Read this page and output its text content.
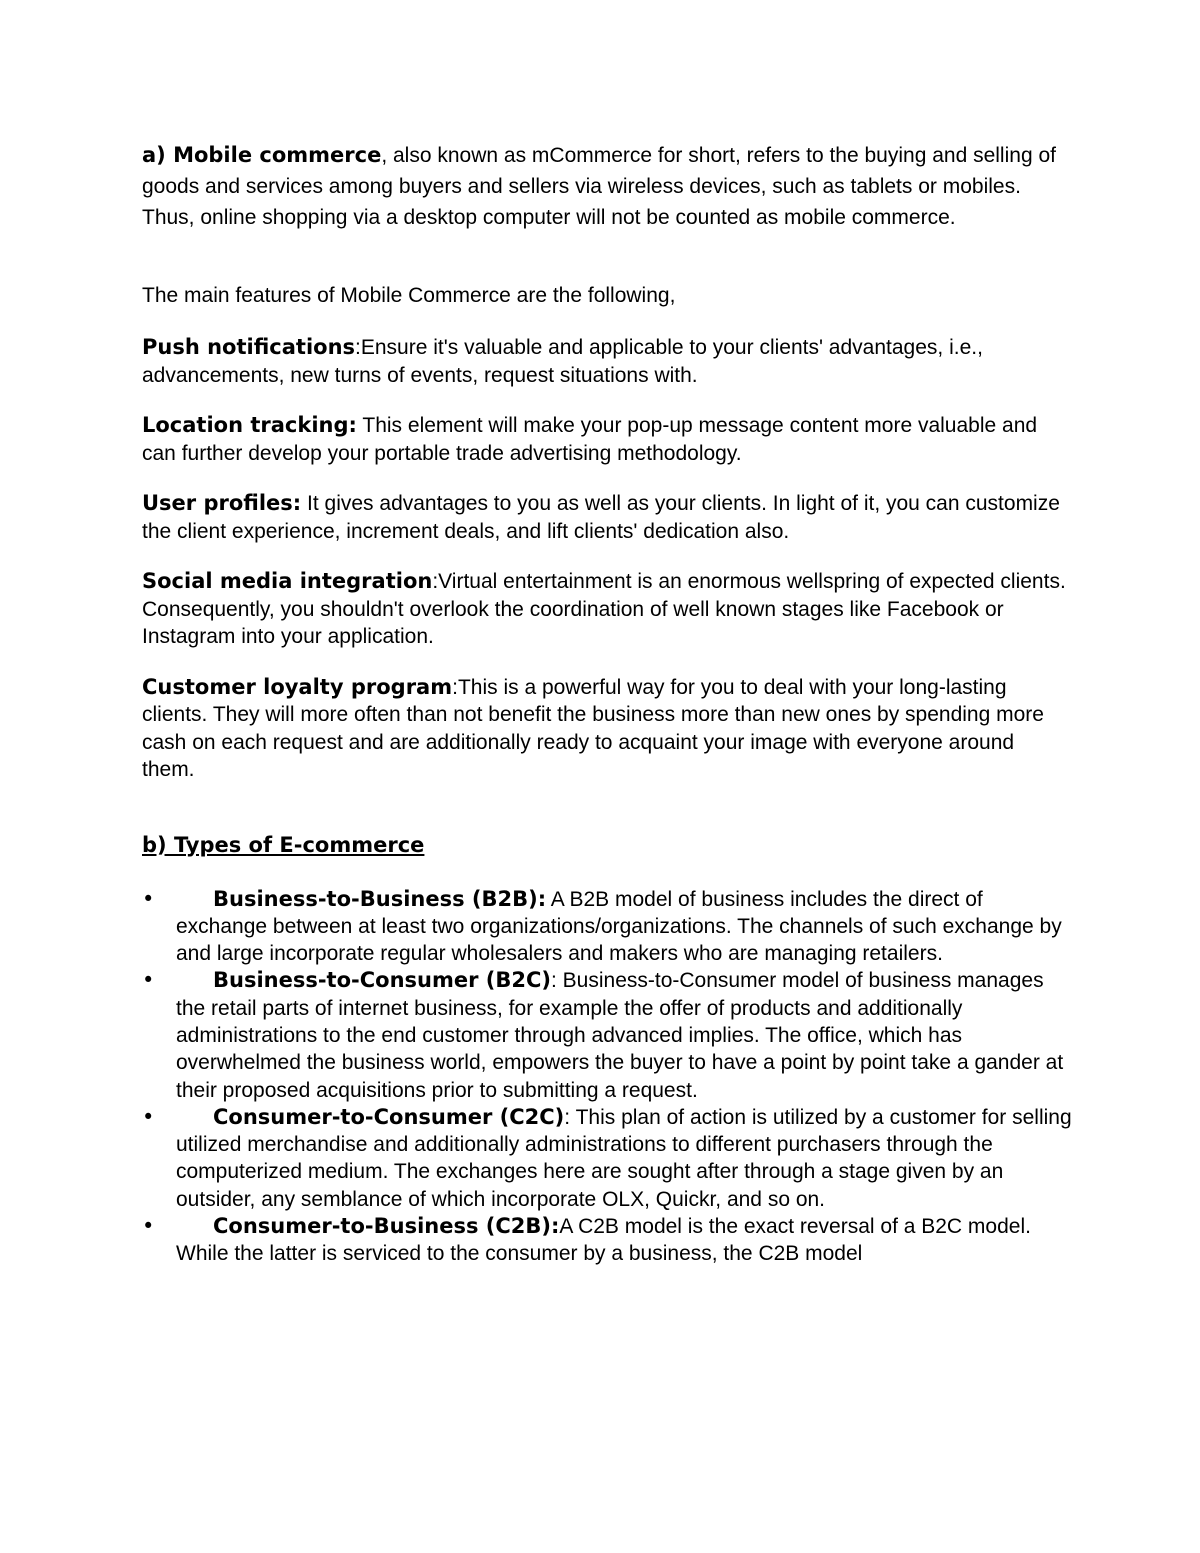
a) Mobile commerce, also known as mCommerce for short, refers to the buying and selling of goods and services among buyers and sellers via wireless devices, such as tablets or mobiles. Thus, online shopping via a desktop computer will not be counted as mobile commerce.

The main features of Mobile Commerce are the following,

Push notifications:Ensure it's valuable and applicable to your clients' advantages, i.e., advancements, new turns of events, request situations with.

Location tracking: This element will make your pop-up message content more valuable and can further develop your portable trade advertising methodology.

User profiles: It gives advantages to you as well as your clients. In light of it, you can customize the client experience, increment deals, and lift clients' dedication also.

Social media integration:Virtual entertainment is an enormous wellspring of expected clients. Consequently, you shouldn't overlook the coordination of well known stages like Facebook or Instagram into your application.

Customer loyalty program:This is a powerful way for you to deal with your long-lasting clients. They will more often than not benefit the business more than new ones by spending more cash on each request and are additionally ready to acquaint your image with everyone around them.

b) Types of E-commerce

•	Business-to-Business (B2B): A B2B model of business includes the direct of exchange between at least two organizations/organizations. The channels of such exchange by and large incorporate regular wholesalers and makers who are managing retailers.
•	Business-to-Consumer (B2C): Business-to-Consumer model of business manages the retail parts of internet business, for example the offer of products and additionally administrations to the end customer through advanced implies. The office, which has overwhelmed the business world, empowers the buyer to have a point by point take a gander at their proposed acquisitions prior to submitting a request.
•	Consumer-to-Consumer (C2C): This plan of action is utilized by a customer for selling utilized merchandise and additionally administrations to different purchasers through the computerized medium. The exchanges here are sought after through a stage given by an outsider, any semblance of which incorporate OLX, Quickr, and so on.
•	Consumer-to-Business (C2B):A C2B model is the exact reversal of a B2C model. While the latter is serviced to the consumer by a business, the C2B model
